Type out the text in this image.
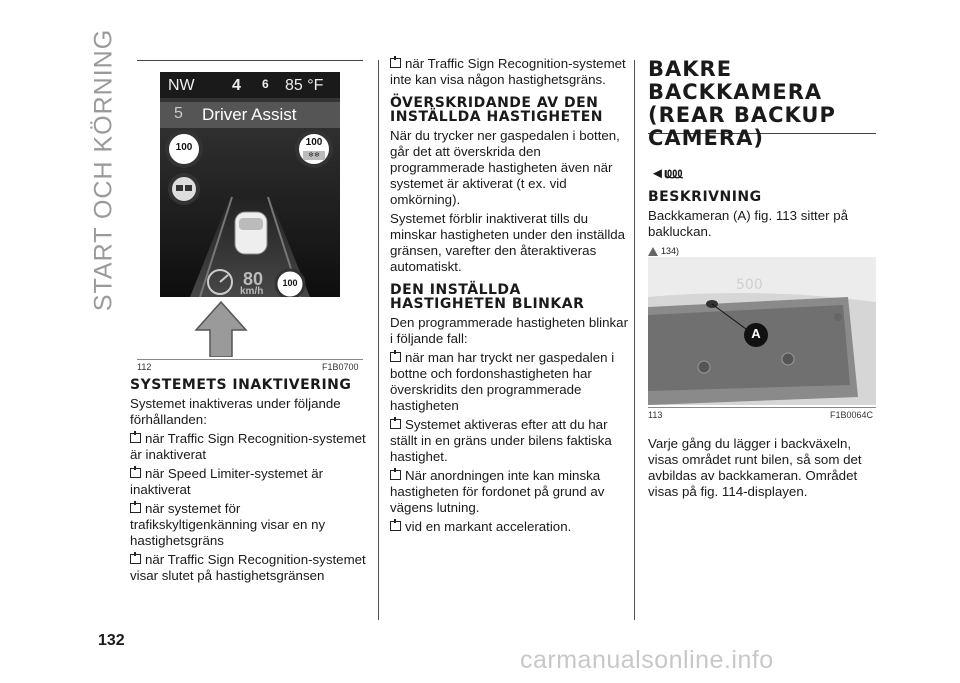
START OCH KÖRNING	NW 4 6 85 °F
5 Driver Assist
100	100
❄❄
80
km/h
100
112	F1B0700
SYSTEMETS INAKTIVERING

Systemet inaktiveras under följande förhållanden:

när Traffic Sign Recognition-systemet är inaktiverat

när Speed Limiter-systemet är inaktiverat

när systemet för trafikskyltigenkänning visar en ny hastighetsgräns

när Traffic Sign Recognition-systemet visar slutet på hastighetsgränsen

när Traffic Sign Recognition-systemet inte kan visa någon hastighetsgräns.

ÖVERSKRIDANDE AV DEN INSTÄLLDA HASTIGHETEN

När du trycker ner gaspedalen i botten, går det att överskrida den programmerade hastigheten även när systemet är aktiverat (t ex. vid omkörning).

Systemet förblir inaktiverat tills du minskar hastigheten under den inställda gränsen, varefter den återaktiveras automatiskt.

DEN INSTÄLLDA HASTIGHETEN BLINKAR

Den programmerade hastigheten blinkar i följande fall:

när man har tryckt ner gaspedalen i bottne och fordonshastigheten har överskridits den programmerade hastigheten

Systemet aktiveras efter att du har ställt in en gräns under bilens faktiska hastighet.

När anordningen inte kan minska hastigheten för fordonet på grund av vägens lutning.

vid en markant acceleration.

BAKRE BACKKAMERA (REAR BACKUP CAMERA)
◄ɩ⅏
BESKRIVNING

Backkameran (A) fig. 113 sitter på bakluckan.

134)
500
A
113	F1B0064C

Varje gång du lägger i backväxeln, visas området runt bilen, så som det avbildas av backkameran. Området visas på fig. 114-displayen.

132
carmanualsonline.info
